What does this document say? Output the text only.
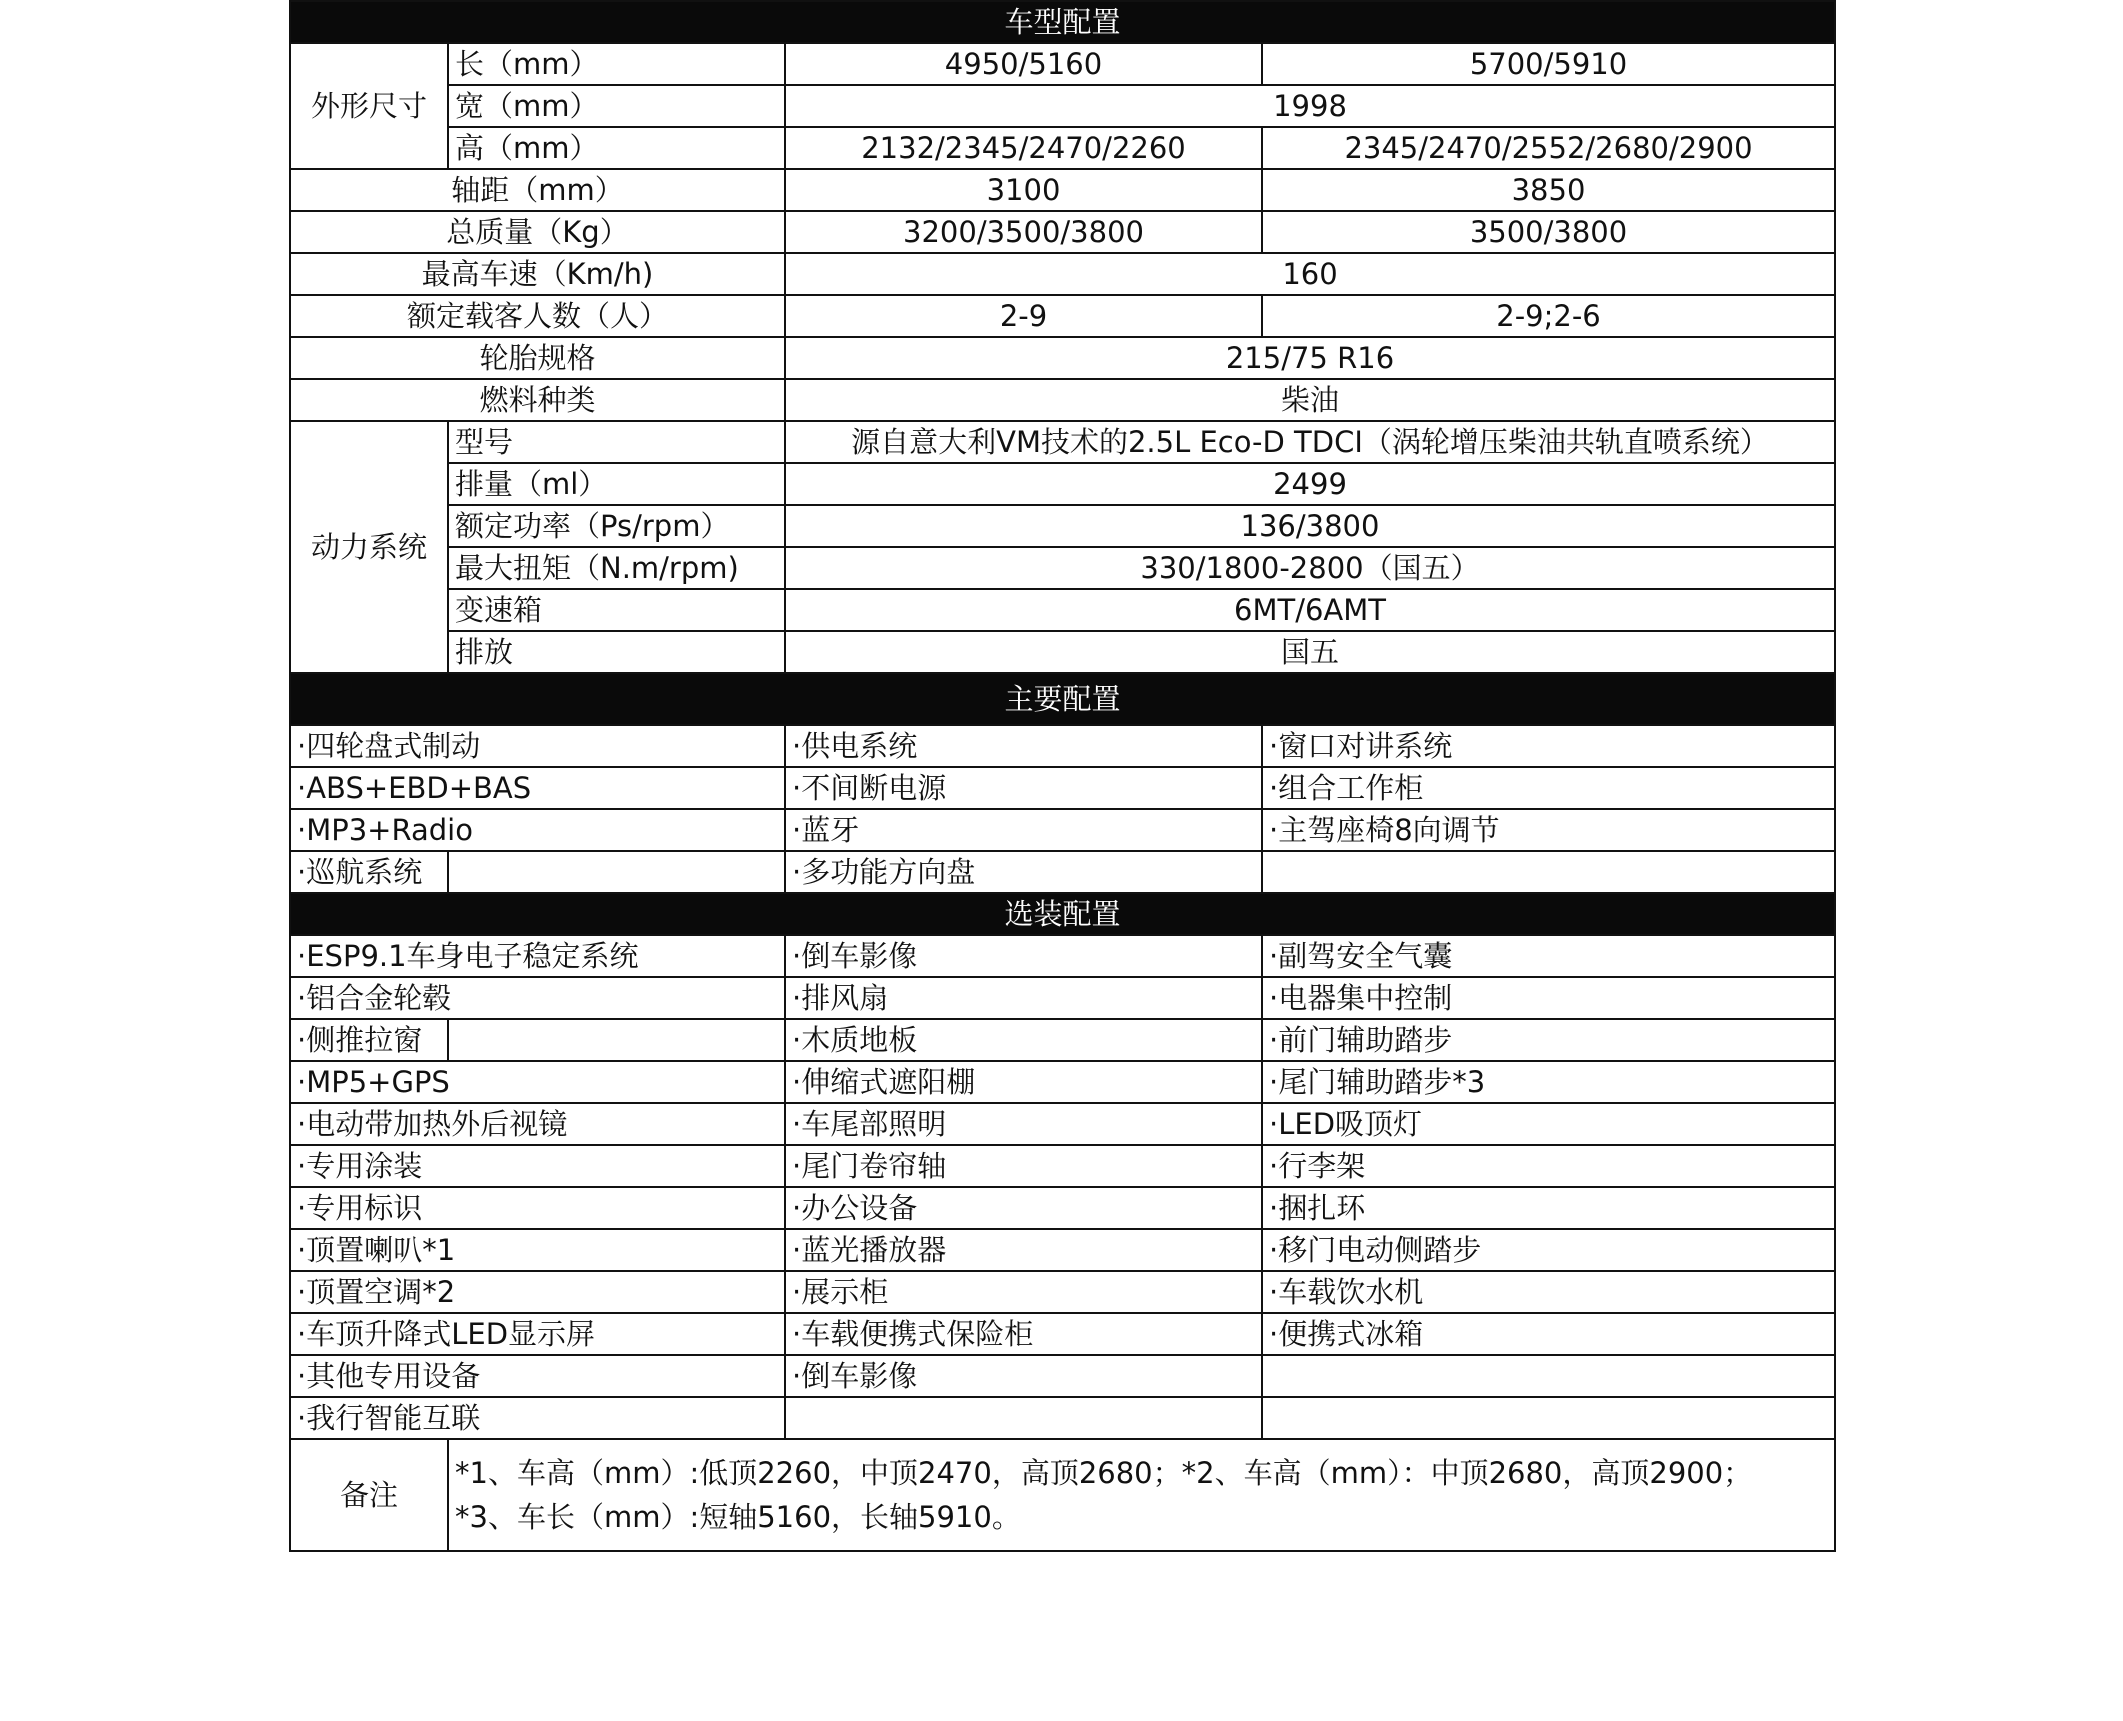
车型配置			
外形尺寸	长（mm）	4950/5160	5700/5910
	宽（mm）	1998	
	高（mm）	2132/2345/2470/2260	2345/2470/2552/2680/2900
轴距（mm）		3100	3850
总质量（Kg）		3200/3500/3800	3500/3800
最高车速（Km/h)		160	
额定载客人数（人）		2-9	2-9;2-6
轮胎规格		215/75 R16	
燃料种类		柴油	
动力系统	型号	源自意大利VM技术的2.5L Eco-D TDCI（涡轮增压柴油共轨直喷系统）	
	排量（ml）	2499	
	额定功率（Ps/rpm）	136/3800	
	最大扭矩（N.m/rpm)	330/1800-2800（国五）	
	变速箱	6MT/6AMT	
	排放	国五	
主要配置			
·四轮盘式制动		·供电系统	·窗口对讲系统
·ABS+EBD+BAS		·不间断电源	·组合工作柜
·MP3+Radio		·蓝牙	·主驾座椅8向调节
·巡航系统		·多功能方向盘	
选装配置			
·ESP9.1车身电子稳定系统		·倒车影像	·副驾安全气囊
·铝合金轮毂		·排风扇	·电器集中控制
·侧推拉窗		·木质地板	·前门辅助踏步
·MP5+GPS		·伸缩式遮阳棚	·尾门辅助踏步*3
·电动带加热外后视镜		·车尾部照明	·LED吸顶灯
·专用涂装		·尾门卷帘轴	·行李架
·专用标识		·办公设备	·捆扎环
·顶置喇叭*1		·蓝光播放器	·移门电动侧踏步
·顶置空调*2		·展示柜	·车载饮水机
·车顶升降式LED显示屏		·车载便携式保险柜	·便携式冰箱
·其他专用设备		·倒车影像	
·我行智能互联			
备注	*1、车高（mm）:低顶2260，中顶2470，高顶2680；*2、车高（mm）：中顶2680，高顶2900；
*3、车长（mm）:短轴5160，长轴5910。		
